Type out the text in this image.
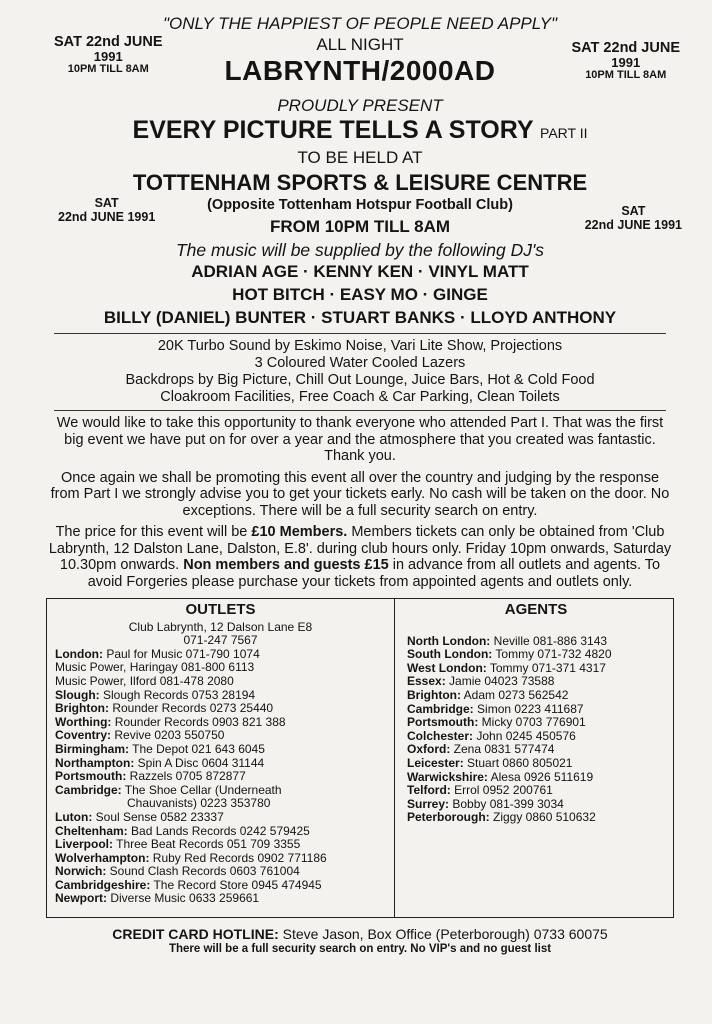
"ONLY THE HAPPIEST OF PEOPLE NEED APPLY"
SAT 22nd JUNE
1991
10PM TILL 8AM
ALL NIGHT
LABRYNTH/2000AD
SAT 22nd JUNE
1991
10PM TILL 8AM
PROUDLY PRESENT
EVERY PICTURE TELLS A STORY PART II
TO BE HELD AT
TOTTENHAM SPORTS & LEISURE CENTRE
SAT
22nd JUNE 1991
(Opposite Tottenham Hotspur Football Club)
FROM 10PM TILL 8AM
SAT
22nd JUNE 1991
The music will be supplied by the following DJ's
ADRIAN AGE · KENNY KEN · VINYL MATT
HOT BITCH · EASY MO · GINGE
BILLY (DANIEL) BUNTER · STUART BANKS · LLOYD ANTHONY
20K Turbo Sound by Eskimo Noise, Vari Lite Show, Projections
3 Coloured Water Cooled Lazers
Backdrops by Big Picture, Chill Out Lounge, Juice Bars, Hot & Cold Food
Cloakroom Facilities, Free Coach & Car Parking, Clean Toilets

We would like to take this opportunity to thank everyone who attended Part I. That was the first big event we have put on for over a year and the atmosphere that you created was fantastic. Thank you.

Once again we shall be promoting this event all over the country and judging by the response from Part I we strongly advise you to get your tickets early. No cash will be taken on the door. No exceptions. There will be a full security search on entry.

The price for this event will be £10 Members. Members tickets can only be obtained from 'Club Labrynth, 12 Dalston Lane, Dalston, E.8'. during club hours only. Friday 10pm onwards, Saturday 10.30pm onwards. Non members and guests £15 in advance from all outlets and agents. To avoid Forgeries please purchase your tickets from appointed agents and outlets only.

OUTLETS
Club Labrynth, 12 Dalson Lane E8
071-247 7567
London: Paul for Music 071-790 1074
Music Power, Haringay 081-800 6113
Music Power, Ilford 081-478 2080
Slough: Slough Records 0753 28194
Brighton: Rounder Records 0273 25440
Worthing: Rounder Records 0903 821 388
Coventry: Revive 0203 550750
Birmingham: The Depot 021 643 6045
Northampton: Spin A Disc 0604 31144
Portsmouth: Razzels 0705 872877
Cambridge: The Shoe Cellar (Underneath
Chauvanists) 0223 353780
Luton: Soul Sense 0582 23337
Cheltenham: Bad Lands Records 0242 579425
Liverpool: Three Beat Records 051 709 3355
Wolverhampton: Ruby Red Records 0902 771186
Norwich: Sound Clash Records 0603 761004
Cambridgeshire: The Record Store 0945 474945
Newport: Diverse Music 0633 259661
AGENTS
North London: Neville 081-886 3143
South London: Tommy 071-732 4820
West London: Tommy 071-371 4317
Essex: Jamie 04023 73588
Brighton: Adam 0273 562542
Cambridge: Simon 0223 411687
Portsmouth: Micky 0703 776901
Colchester: John 0245 450576
Oxford: Zena 0831 577474
Leicester: Stuart 0860 805021
Warwickshire: Alesa 0926 511619
Telford: Errol 0952 200761
Surrey: Bobby 081-399 3034
Peterborough: Ziggy 0860 510632
CREDIT CARD HOTLINE: Steve Jason, Box Office (Peterborough) 0733 60075
There will be a full security search on entry. No VIP's and no guest list
